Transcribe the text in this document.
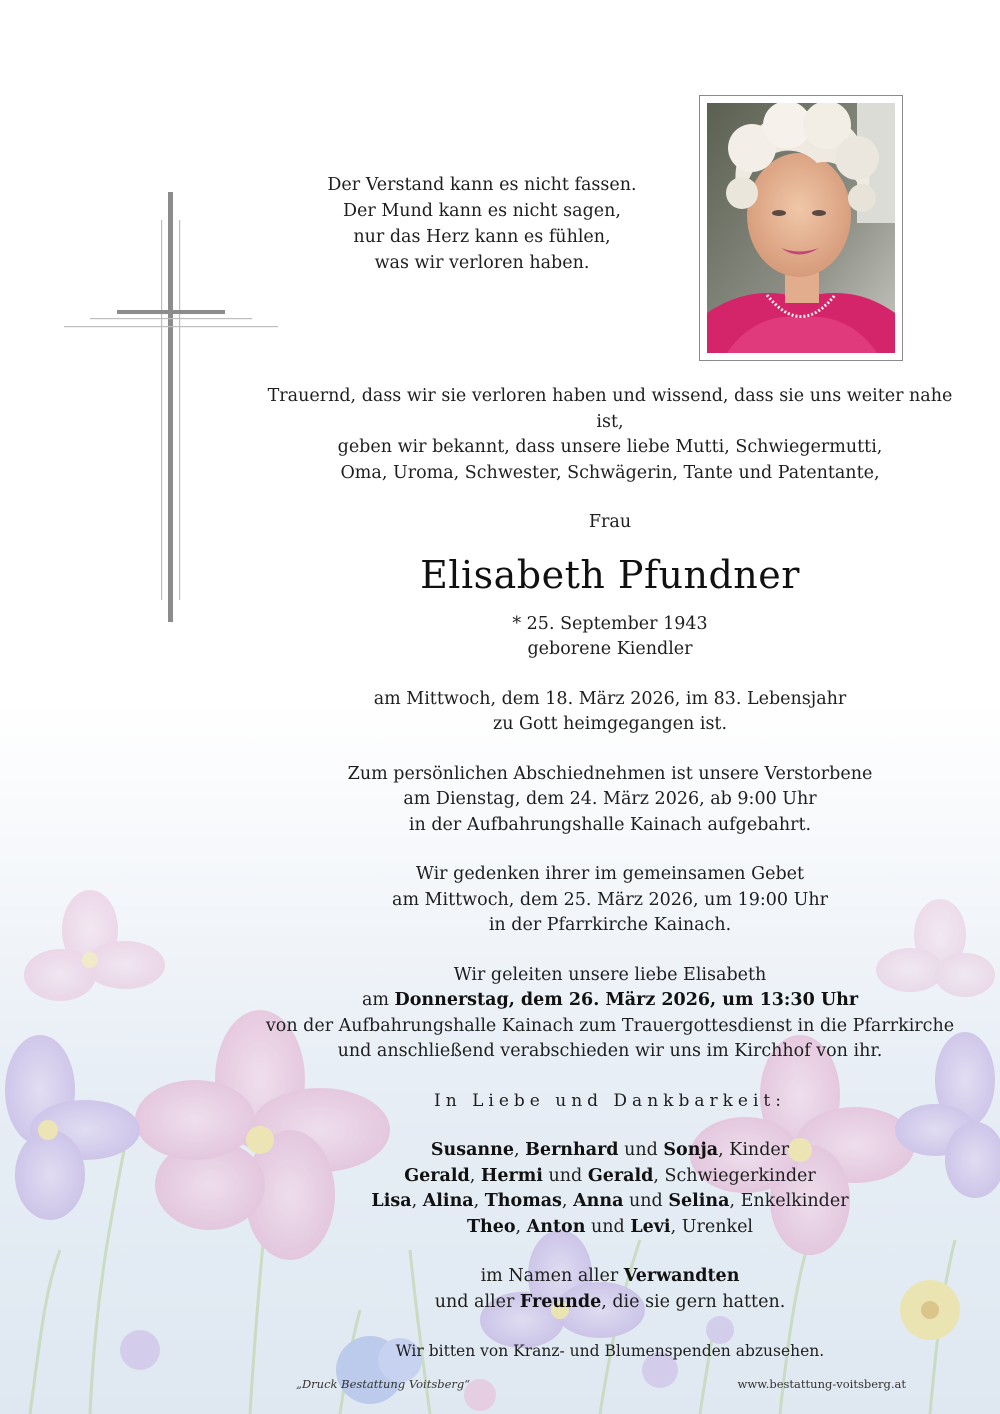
Der Verstand kann es nicht fassen.
Der Mund kann es nicht sagen,
nur das Herz kann es fühlen,
was wir verloren haben.

Trauernd, dass wir sie verloren haben und wissend, dass sie uns weiter nahe ist,

geben wir bekannt, dass unsere liebe Mutti, Schwiegermutti,

Oma, Uroma, Schwester, Schwägerin, Tante und Patentante,

Frau

Elisabeth Pfundner

* 25. September 1943

geborene Kiendler

am Mittwoch, dem 18. März 2026, im 83. Lebensjahr

zu Gott heimgegangen ist.

Zum persönlichen Abschiednehmen ist unsere Verstorbene

am Dienstag, dem 24. März 2026, ab 9:00 Uhr

in der Aufbahrungshalle Kainach aufgebahrt.

Wir gedenken ihrer im gemeinsamen Gebet

am Mittwoch, dem 25. März 2026, um 19:00 Uhr

in der Pfarrkirche Kainach.

Wir geleiten unsere liebe Elisabeth

am Donnerstag, dem 26. März 2026, um 13:30 Uhr

von der Aufbahrungshalle Kainach zum Trauergottesdienst in die Pfarrkirche

und anschließend verabschieden wir uns im Kirchhof von ihr.

In Liebe und Dankbarkeit:

Susanne, Bernhard und Sonja, Kinder

Gerald, Hermi und Gerald, Schwiegerkinder

Lisa, Alina, Thomas, Anna und Selina, Enkelkinder

Theo, Anton und Levi, Urenkel

im Namen aller Verwandten

und aller Freunde, die sie gern hatten.

Wir bitten von Kranz- und Blumenspenden abzusehen.

„Druck Bestattung Voitsberg“	www.bestattung-voitsberg.at
